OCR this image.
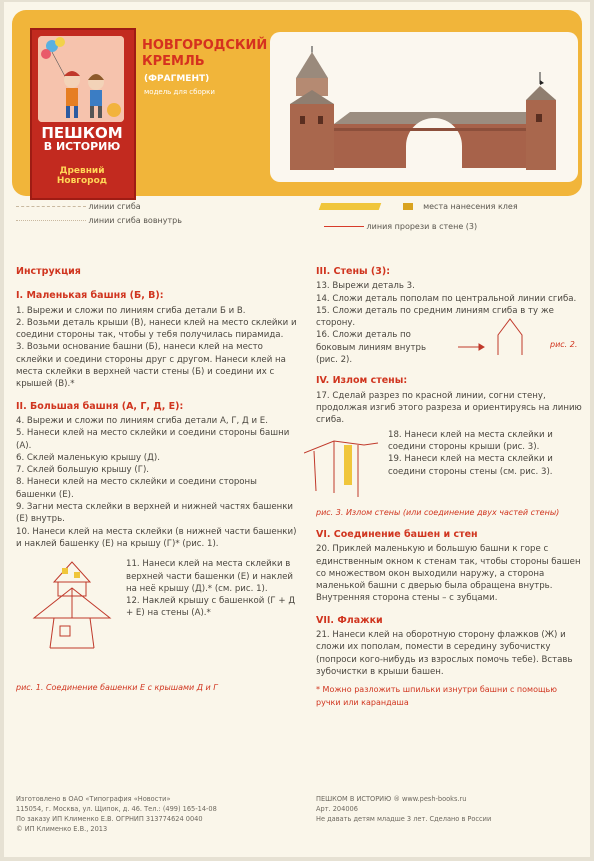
ПЕШКОМ
В ИСТОРИЮ
Древний
Новгород
НОВГОРОДСКИЙ
КРЕМЛЬ
(ФРАГМЕНТ)
модель для сборки
линии сгиба
линии сгиба вовнутрь
места нанесения клея
линия прорези в стене (3)
Инструкция
I. Маленькая башня (Б, В):

1. Вырежи и сложи по линиям сгиба детали Б и В.

2. Возьми деталь крыши (В), нанеси клей на место склейки и соедини стороны так, чтобы у тебя получилась пирамида.

3. Возьми основание башни (Б), нанеси клей на место склейки и соедини стороны друг с другом. Нанеси клей на места склейки в верхней части стены (Б) и соедини их с крышей (В).*

II. Большая башня (А, Г, Д, Е):

4. Вырежи и сложи по линиям сгиба детали А, Г, Д и Е.

5. Нанеси клей на место склейки и соедини стороны башни (А).

6. Склей маленькую крышу (Д).

7. Склей большую крышу (Г).

8. Нанеси клей на место склейки и соедини стороны башенки (Е).

9. Загни места склейки в верхней и нижней частях башенки (Е) внутрь.

10. Нанеси клей на места склейки (в нижней части башенки) и наклей башенку (Е) на крышу (Г)* (рис. 1).

11. Нанеси клей на места склейки в верхней части башенки (Е) и наклей на неё крышу (Д).* (см. рис. 1).

12. Наклей крышу с башенкой (Г + Д + Е) на стены (А).*

рис. 1. Соединение башенки Е с крышами Д и Г
III. Стены (3):

13. Вырежи деталь 3.

14. Сложи деталь пополам по центральной линии сгиба.

15. Сложи деталь по средним линиям сгиба в ту же сторону.

16. Сложи деталь по боковым линиям внутрь (рис. 2).

рис. 2.
IV. Излом стены:

17. Сделай разрез по красной линии, согни стену, продолжая изгиб этого разреза и ориентируясь на линию сгиба.

18. Нанеси клей на места склейки и соедини стороны крыши (рис. 3).

19. Нанеси клей на места склейки и соедини стороны стены (см. рис. 3).

рис. 3. Излом стены (или соединение двух частей стены)
VI. Соединение башен и стен

20. Приклей маленькую и большую башни к горе с единственным окном к стенам так, чтобы стороны башен со множеством окон выходили наружу, а сторона маленькой башни с дверью была обращена внутрь. Внутренняя сторона стены – с зубцами.

VII. Флажки

21. Нанеси клей на оборотную сторону флажков (Ж) и сложи их пополам, помести в середину зубочистку (попроси кого-нибудь из взрослых помочь тебе). Вставь зубочистки в крыши башен.

* Можно разложить шпильки изнутри башни с помощью ручки или карандаша

Изготовлено в ОАО «Типография «Новости»
115054, г. Москва, ул. Щипок, д. 46. Тел.: (499) 165-14-08
По заказу ИП Клименко Е.В. ОГРНИП 313774624 0040
© ИП Клименко Е.В., 2013
ПЕШКОМ В ИСТОРИЮ ® www.pesh-books.ru
Арт. 204006
Не давать детям младше 3 лет. Сделано в России
